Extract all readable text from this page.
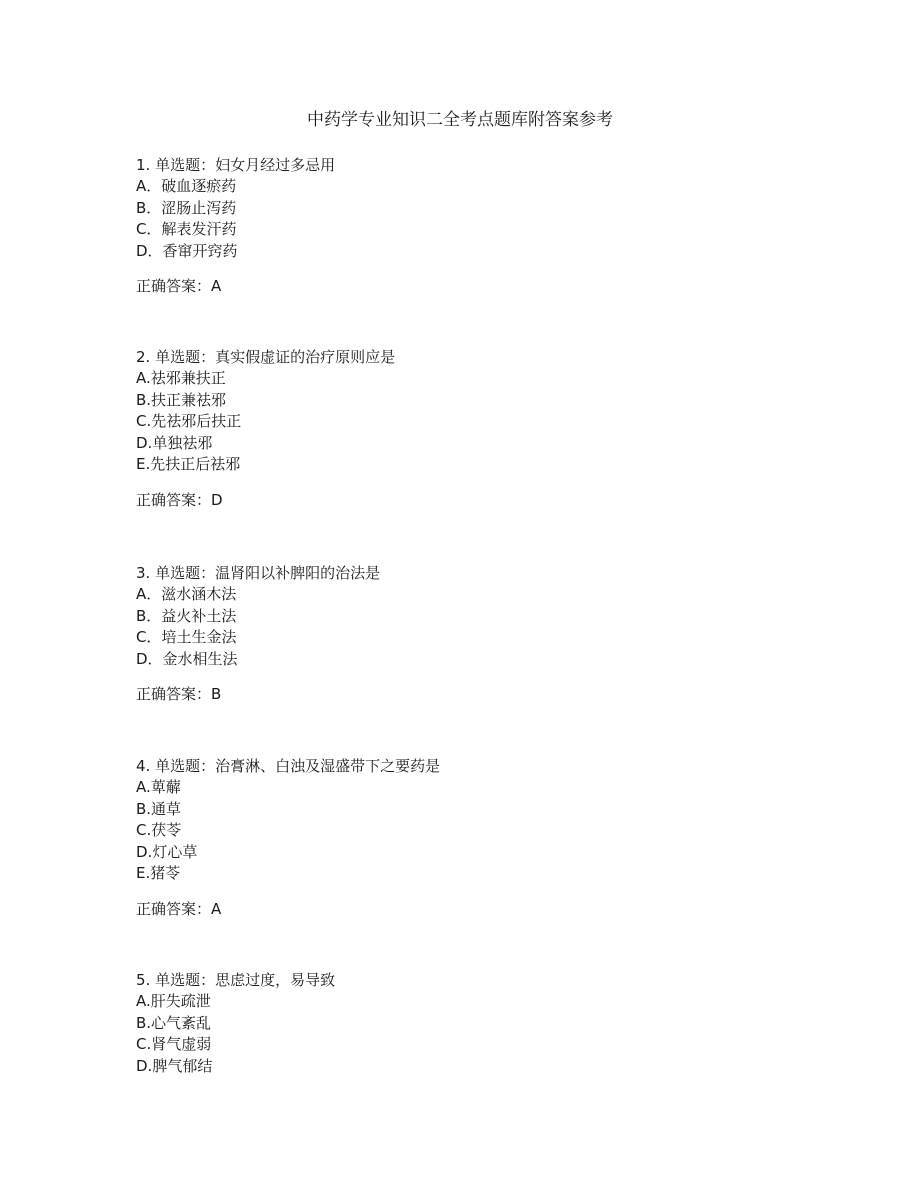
中药学专业知识二全考点题库附答案参考
1. 单选题：妇女月经过多忌用
A．破血逐瘀药
B．涩肠止泻药
C．解表发汗药
D．香窜开窍药
正确答案：A
2. 单选题：真实假虚证的治疗原则应是
A.祛邪兼扶正
B.扶正兼祛邪
C.先祛邪后扶正
D.单独祛邪
E.先扶正后祛邪
正确答案：D
3. 单选题：温肾阳以补脾阳的治法是
A．滋水涵木法
B．益火补土法
C．培土生金法
D．金水相生法
正确答案：B
4. 单选题：治膏淋、白浊及湿盛带下之要药是
A.萆薢
B.通草
C.茯苓
D.灯心草
E.猪苓
正确答案：A
5. 单选题：思虑过度，易导致
A.肝失疏泄
B.心气紊乱
C.肾气虚弱
D.脾气郁结
